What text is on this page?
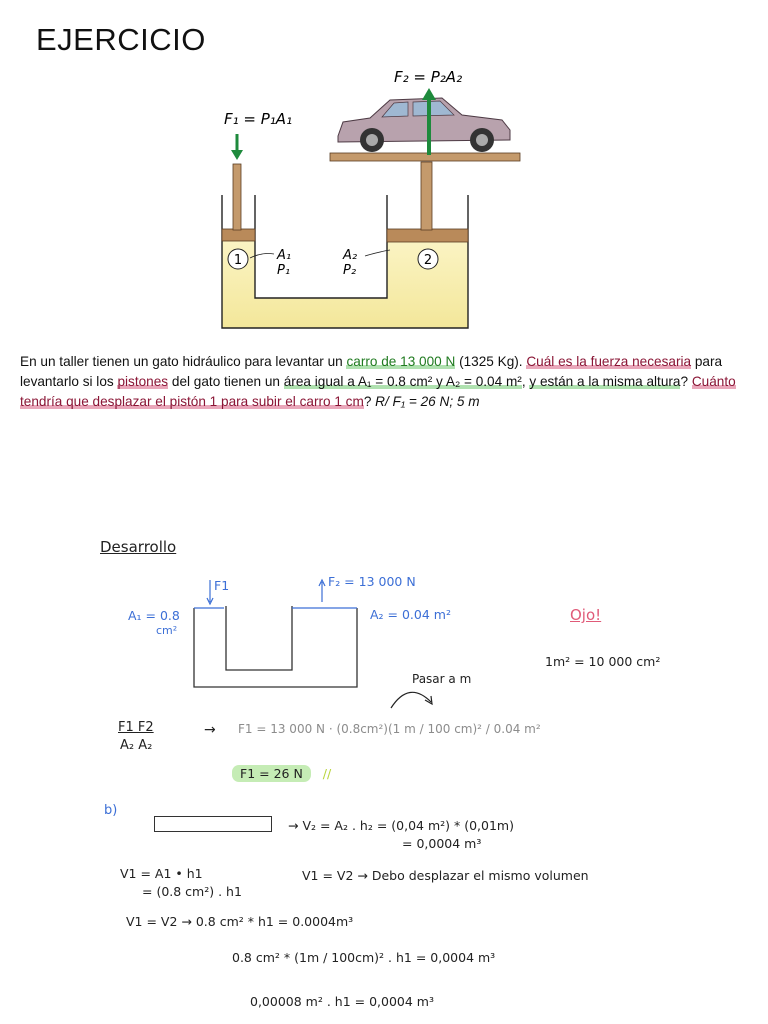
EJERCICIO
1	2
F₁ = P₁A₁
F₂ = P₂A₂
A₁
P₁
A₂
P₂
En un taller tienen un gato hidráulico para levantar un carro de 13 000 N (1325 Kg). Cuál es la fuerza necesaria para levantarlo si los pistones del gato tienen un área igual a A₁ = 0.8 cm² y A₂ = 0.04 m², y están a la misma altura? Cuánto tendría que desplazar el pistón 1 para subir el carro 1 cm? R/ F₁ = 26 N; 5 m
Desarrollo
F1	F₂ = 13 000 N
A₁ = 0.8
cm²
A₂ = 0.04 m²	Ojo!
1m² = 10 000 cm²
Pasar a m
F1 F2
A₂ A₂
→ F1 = 13 000 N · (0.8cm²)(1 m / 100 cm)² / 0.04 m²
F1 = 26 N //
b)
→ V₂ = A₂ . h₂ = (0,04 m²) * (0,01m)
= 0,0004 m³
V1 = A1 • h1
= (0.8 cm²) . h1
V1 = V2 → Debo desplazar el mismo volumen
V1 = V2 → 0.8 cm² * h1 = 0.0004m³
0.8 cm² * (1m / 100cm)² . h1 = 0,0004 m³
0,00008 m² . h1 = 0,0004 m³
